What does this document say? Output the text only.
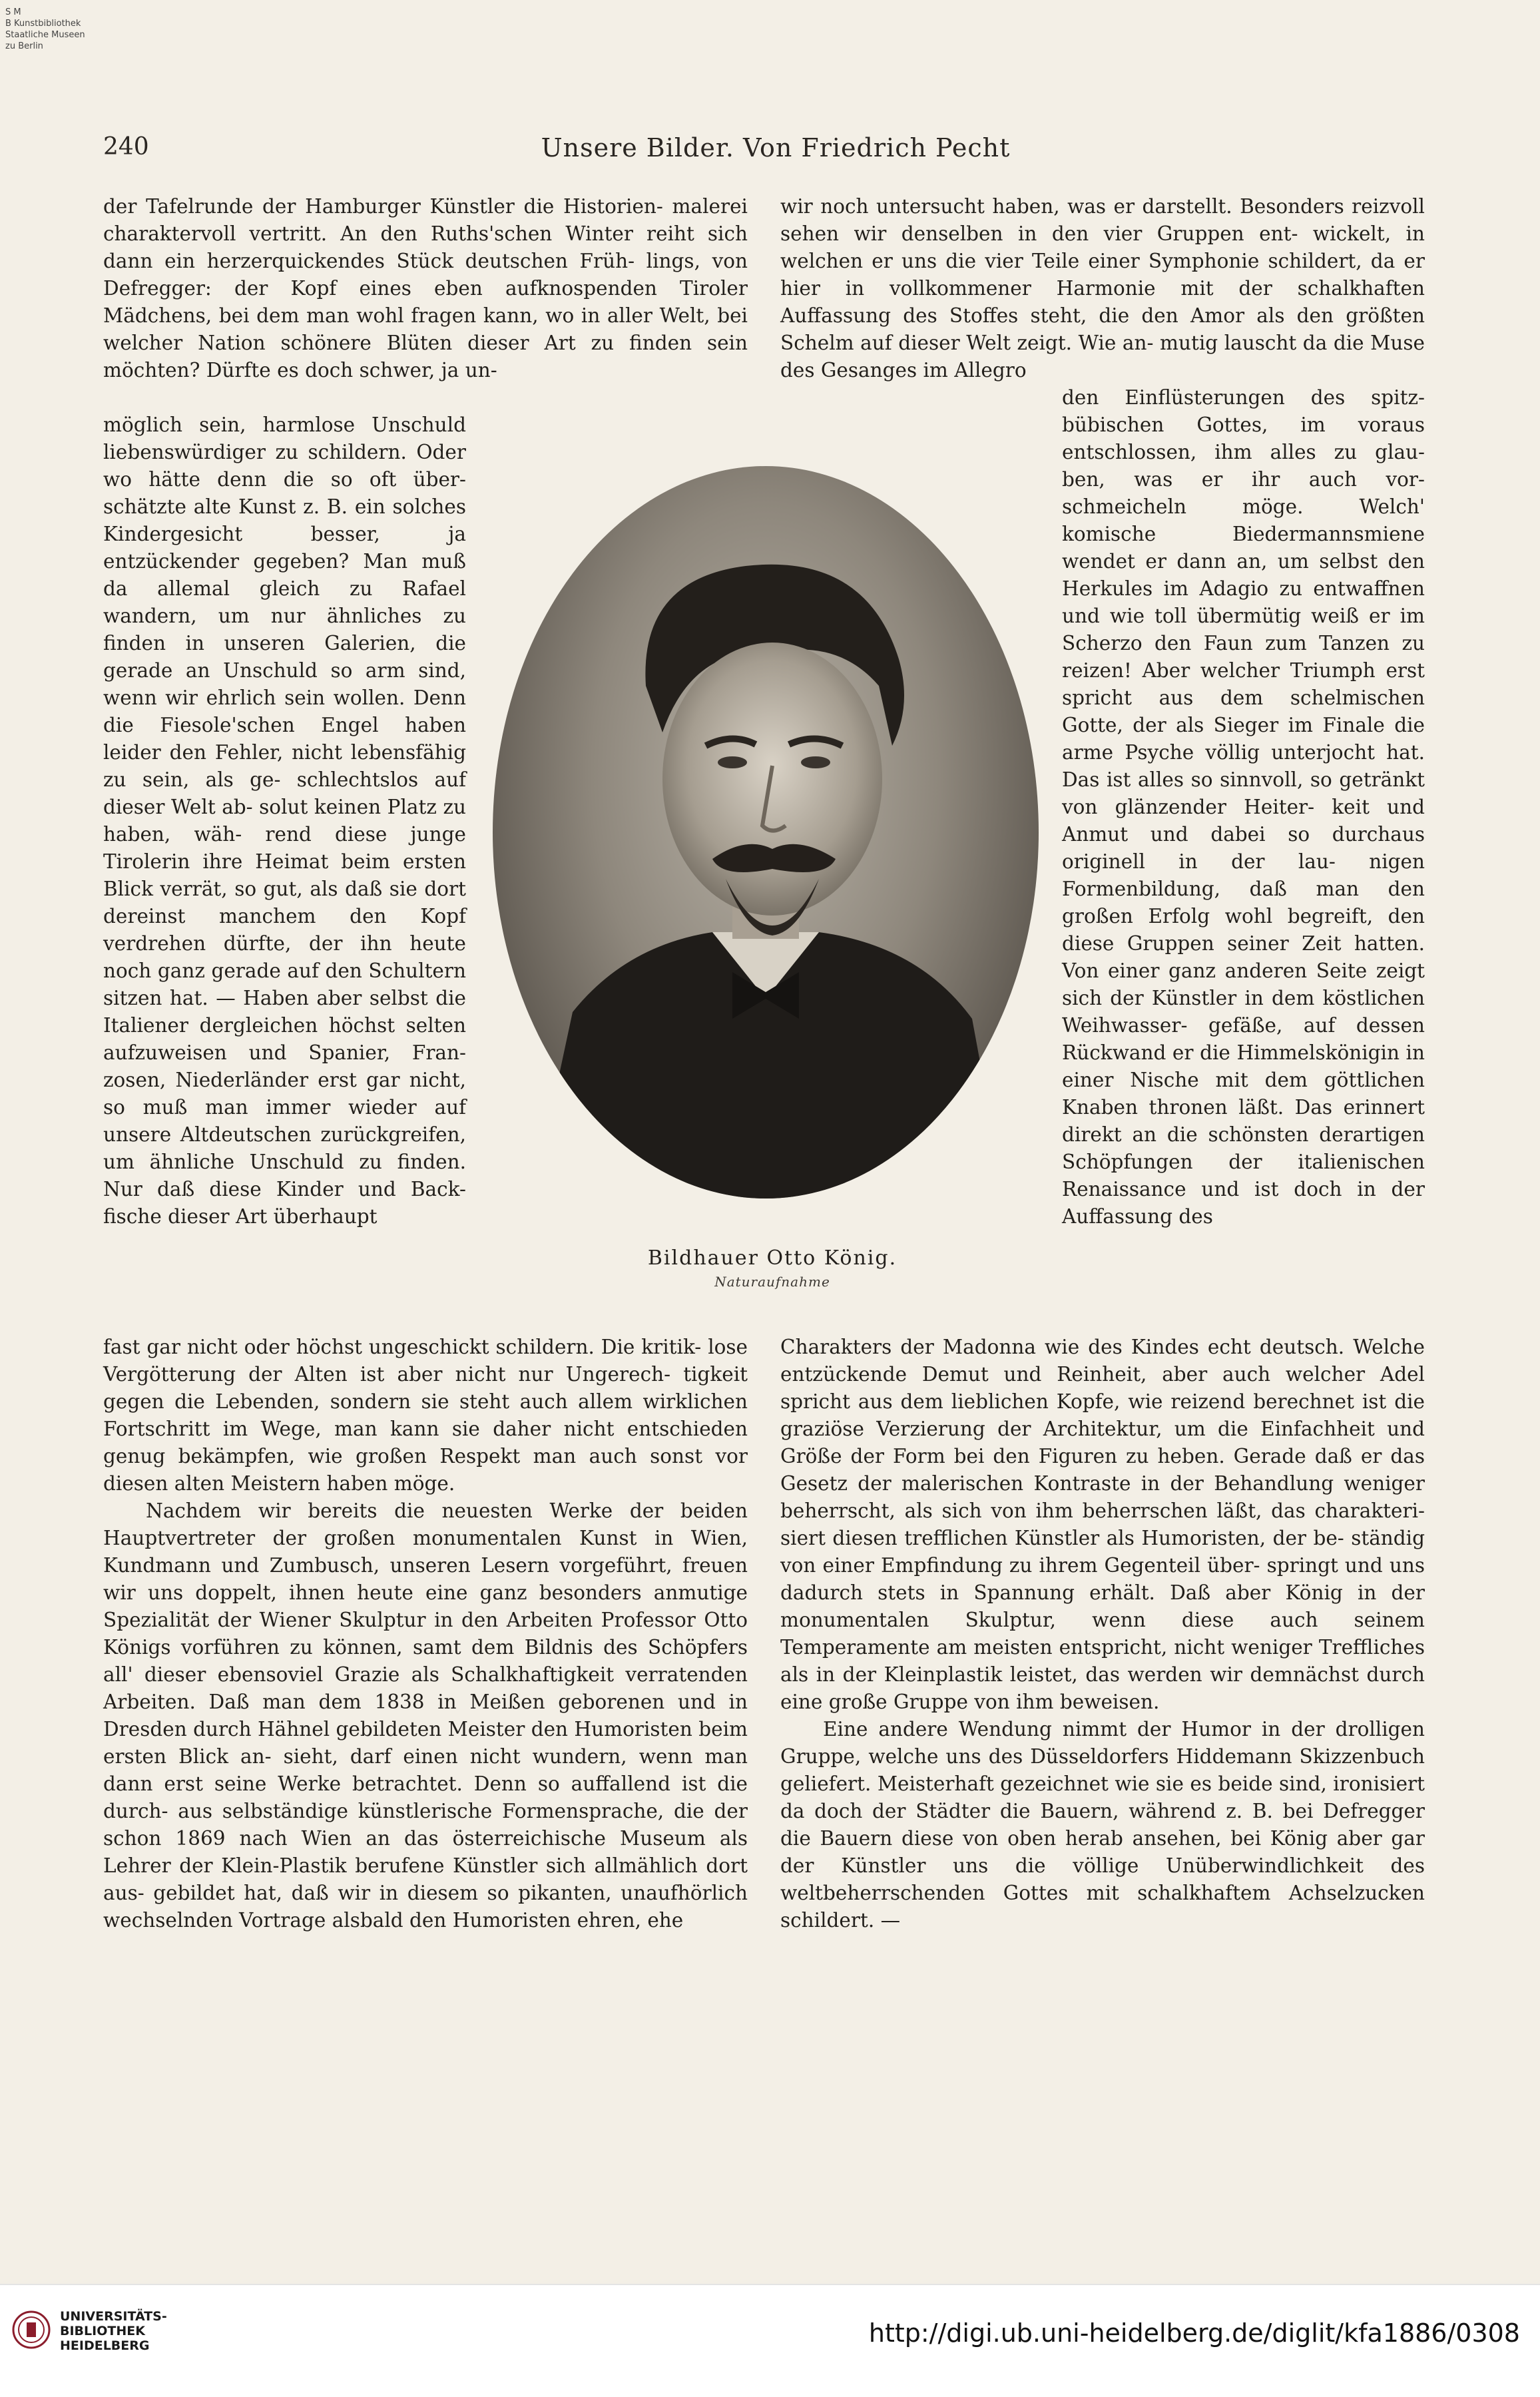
S M
B Kunstbibliothek
Staatliche Museen
zu Berlin
240	Unsere Bilder. Von Friedrich Pecht

der Tafelrunde der Hamburger Künstler die Historien- malerei charaktervoll vertritt. An den Ruths'schen Winter reiht sich dann ein herzerquickendes Stück deutschen Früh- lings, von Defregger: der Kopf eines eben aufknospenden Tiroler Mädchens, bei dem man wohl fragen kann, wo in aller Welt, bei welcher Nation schönere Blüten dieser Art zu finden sein möchten? Dürfte es doch schwer, ja un-

möglich sein, harmlose Unschuld liebenswürdiger zu schildern. Oder wo hätte denn die so oft über- schätzte alte Kunst z. B. ein solches Kindergesicht besser, ja entzückender gegeben? Man muß da allemal gleich zu Rafael wandern, um nur ähnliches zu finden in unseren Galerien, die gerade an Unschuld so arm sind, wenn wir ehrlich sein wollen. Denn die Fiesole'schen Engel haben leider den Fehler, nicht lebensfähig zu sein, als ge- schlechtslos auf dieser Welt ab- solut keinen Platz zu haben, wäh- rend diese junge Tirolerin ihre Heimat beim ersten Blick verrät, so gut, als daß sie dort dereinst manchem den Kopf verdrehen dürfte, der ihn heute noch ganz gerade auf den Schultern sitzen hat. — Haben aber selbst die Italiener dergleichen höchst selten aufzuweisen und Spanier, Fran- zosen, Niederländer erst gar nicht, so muß man immer wieder auf unsere Altdeutschen zurückgreifen, um ähnliche Unschuld zu finden. Nur daß diese Kinder und Back- fische dieser Art überhaupt

fast gar nicht oder höchst ungeschickt schildern. Die kritik- lose Vergötterung der Alten ist aber nicht nur Ungerech- tigkeit gegen die Lebenden, sondern sie steht auch allem wirklichen Fortschritt im Wege, man kann sie daher nicht entschieden genug bekämpfen, wie großen Respekt man auch sonst vor diesen alten Meistern haben möge.

Nachdem wir bereits die neuesten Werke der beiden Hauptvertreter der großen monumentalen Kunst in Wien, Kundmann und Zumbusch, unseren Lesern vorgeführt, freuen wir uns doppelt, ihnen heute eine ganz besonders anmutige Spezialität der Wiener Skulptur in den Arbeiten Professor Otto Königs vorführen zu können, samt dem Bildnis des Schöpfers all' dieser ebensoviel Grazie als Schalkhaftigkeit verratenden Arbeiten. Daß man dem 1838 in Meißen geborenen und in Dresden durch Hähnel gebildeten Meister den Humoristen beim ersten Blick an- sieht, darf einen nicht wundern, wenn man dann erst seine Werke betrachtet. Denn so auffallend ist die durch- aus selbständige künstlerische Formensprache, die der schon 1869 nach Wien an das österreichische Museum als Lehrer der Klein-Plastik berufene Künstler sich allmählich dort aus- gebildet hat, daß wir in diesem so pikanten, unaufhörlich wechselnden Vortrage alsbald den Humoristen ehren, ehe

wir noch untersucht haben, was er darstellt. Besonders reizvoll sehen wir denselben in den vier Gruppen ent- wickelt, in welchen er uns die vier Teile einer Symphonie schildert, da er hier in vollkommener Harmonie mit der schalkhaften Auffassung des Stoffes steht, die den Amor als den größten Schelm auf dieser Welt zeigt. Wie an- mutig lauscht da die Muse des Gesanges im Allegro

den Einflüsterungen des spitz- bübischen Gottes, im voraus entschlossen, ihm alles zu glau- ben, was er ihr auch vor- schmeicheln möge. Welch' komische Biedermannsmiene wendet er dann an, um selbst den Herkules im Adagio zu entwaffnen und wie toll übermütig weiß er im Scherzo den Faun zum Tanzen zu reizen! Aber welcher Triumph erst spricht aus dem schelmischen Gotte, der als Sieger im Finale die arme Psyche völlig unterjocht hat. Das ist alles so sinnvoll, so getränkt von glänzender Heiter- keit und Anmut und dabei so durchaus originell in der lau- nigen Formenbildung, daß man den großen Erfolg wohl begreift, den diese Gruppen seiner Zeit hatten. Von einer ganz anderen Seite zeigt sich der Künstler in dem köstlichen Weihwasser- gefäße, auf dessen Rückwand er die Himmelskönigin in einer Nische mit dem göttlichen Knaben thronen läßt. Das erinnert direkt an die schönsten derartigen Schöpfungen der italienischen Renaissance und ist doch in der Auffassung des

Charakters der Madonna wie des Kindes echt deutsch. Welche entzückende Demut und Reinheit, aber auch welcher Adel spricht aus dem lieblichen Kopfe, wie reizend berechnet ist die graziöse Verzierung der Architektur, um die Einfachheit und Größe der Form bei den Figuren zu heben. Gerade daß er das Gesetz der malerischen Kontraste in der Behandlung weniger beherrscht, als sich von ihm beherrschen läßt, das charakteri- siert diesen trefflichen Künstler als Humoristen, der be- ständig von einer Empfindung zu ihrem Gegenteil über- springt und uns dadurch stets in Spannung erhält. Daß aber König in der monumentalen Skulptur, wenn diese auch seinem Temperamente am meisten entspricht, nicht weniger Treffliches als in der Kleinplastik leistet, das werden wir demnächst durch eine große Gruppe von ihm beweisen.

Eine andere Wendung nimmt der Humor in der drolligen Gruppe, welche uns des Düsseldorfers Hiddemann Skizzenbuch geliefert. Meisterhaft gezeichnet wie sie es beide sind, ironisiert da doch der Städter die Bauern, während z. B. bei Defregger die Bauern diese von oben herab ansehen, bei König aber gar der Künstler uns die völlige Unüberwindlichkeit des weltbeherrschenden Gottes mit schalkhaftem Achselzucken schildert. —

Bildhauer Otto König.
Naturaufnahme
UNIVERSITÄTS-
BIBLIOTHEK
HEIDELBERG	http://digi.ub.uni-heidelberg.de/diglit/kfa1886/0308
